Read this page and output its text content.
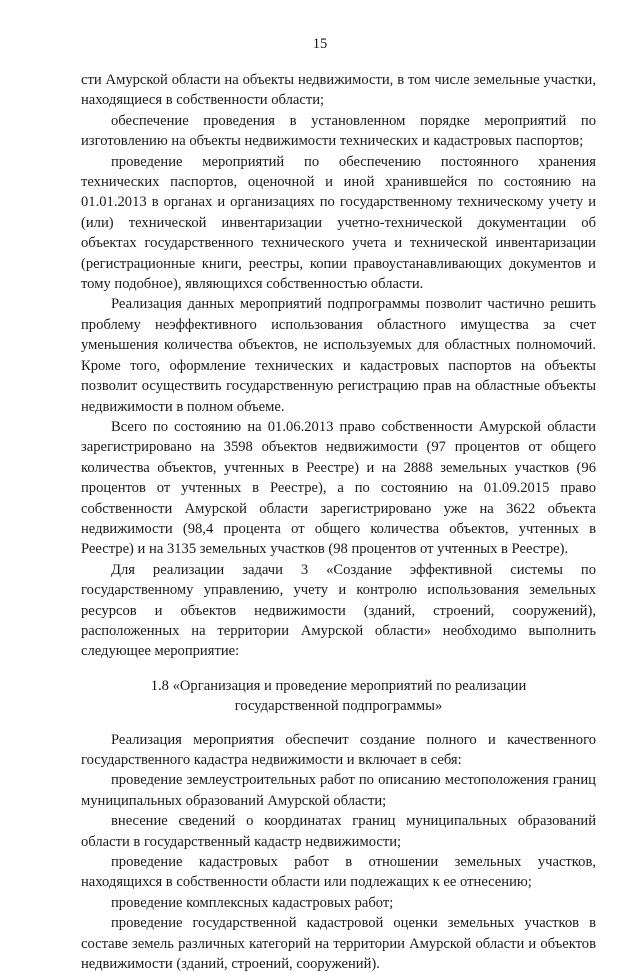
15

сти Амурской области на объекты недвижимости, в том числе земельные участки, находящиеся в собственности области;

обеспечение проведения в установленном порядке мероприятий по изготовлению на объекты недвижимости технических и кадастровых паспортов;

проведение мероприятий по обеспечению постоянного хранения технических паспортов, оценочной и иной хранившейся по состоянию на 01.01.2013 в органах и организациях по государственному техническому учету и (или) технической инвентаризации учетно-технической документации об объектах государственного технического учета и технической инвентаризации (регистрационные книги, реестры, копии правоустанавливающих документов и тому подобное), являющихся собственностью области.

Реализация данных мероприятий подпрограммы позволит частично решить проблему неэффективного использования областного имущества за счет уменьшения количества объектов, не используемых для областных полномочий. Кроме того, оформление технических и кадастровых паспортов на объекты позволит осуществить государственную регистрацию прав на областные объекты недвижимости в полном объеме.

Всего по состоянию на 01.06.2013 право собственности Амурской области зарегистрировано на 3598 объектов недвижимости (97 процентов от общего количества объектов, учтенных в Реестре) и на 2888 земельных участков (96 процентов от учтенных в Реестре), а по состоянию на 01.09.2015 право собственности Амурской области зарегистрировано уже на 3622 объекта недвижимости (98,4 процента от общего количества объектов, учтенных в Реестре) и на 3135 земельных участков (98 процентов от учтенных в Реестре).

Для реализации задачи 3 «Создание эффективной системы по государственному управлению, учету и контролю использования земельных ресурсов и объектов недвижимости (зданий, строений, сооружений), расположенных на территории Амурской области» необходимо выполнить следующее мероприятие:

1.8 «Организация и проведение мероприятий по реализации
государственной подпрограммы»

Реализация мероприятия обеспечит создание полного и качественного государственного кадастра недвижимости и включает в себя:

проведение землеустроительных работ по описанию местоположения границ муниципальных образований Амурской области;

внесение сведений о координатах границ муниципальных образований области в государственный кадастр недвижимости;

проведение кадастровых работ в отношении земельных участков, находящихся в собственности области или подлежащих к ее отнесению;

проведение комплексных кадастровых работ;

проведение государственной кадастровой оценки земельных участков в составе земель различных категорий на территории Амурской области и объектов недвижимости (зданий, строений, сооружений).
